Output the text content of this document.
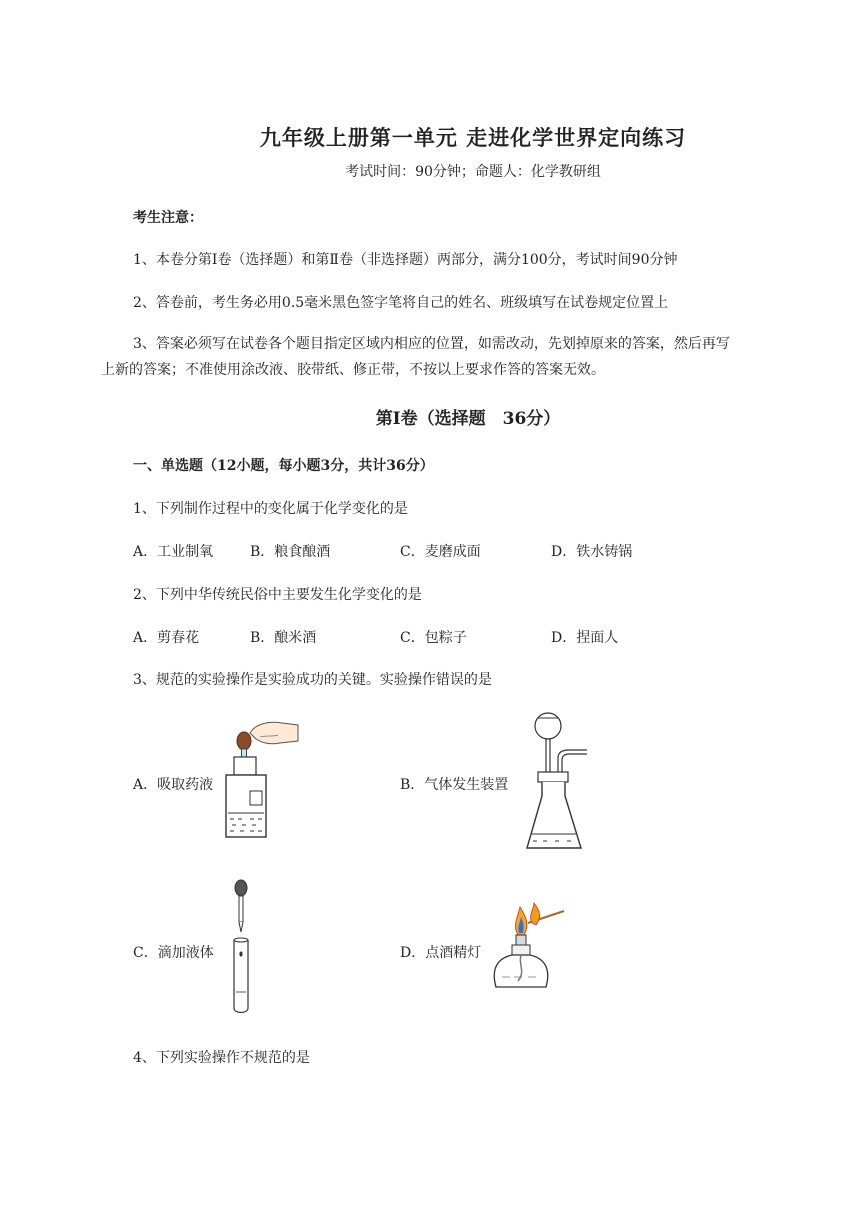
九年级上册第一单元 走进化学世界定向练习
考试时间：90分钟；命题人：化学教研组
考生注意：
1、本卷分第Ⅰ卷（选择题）和第Ⅱ卷（非选择题）两部分，满分100分，考试时间90分钟
2、答卷前，考生务必用0.5毫米黑色签字笔将自己的姓名、班级填写在试卷规定位置上
3、答案必须写在试卷各个题目指定区域内相应的位置，如需改动，先划掉原来的答案，然后再写
上新的答案；不准使用涂改液、胶带纸、修正带，不按以上要求作答的答案无效。
第Ⅰ卷（选择题　36分）
一、单选题（12小题，每小题3分，共计36分）
1、下列制作过程中的变化属于化学变化的是
A．工业制氧	B．粮食酿酒	C．麦磨成面	D．铁水铸锅
2、下列中华传统民俗中主要发生化学变化的是
A．剪春花	B．酿米酒	C．包粽子	D．捏面人
3、规范的实验操作是实验成功的关键。实验操作错误的是
A．吸取药液	B．气体发生装置
C．滴加液体	D．点酒精灯
4、下列实验操作不规范的是
